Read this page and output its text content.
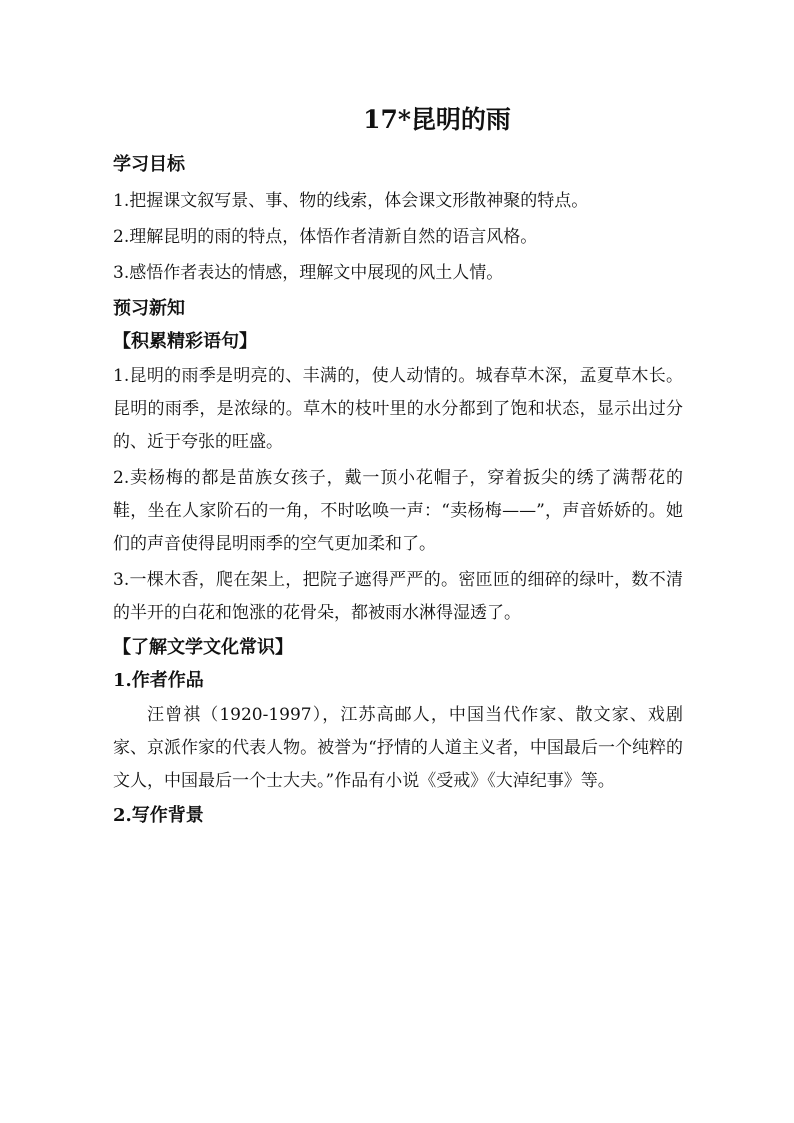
17*昆明的雨
学习目标

1.把握课文叙写景、事、物的线索，体会课文形散神聚的特点。

2.理解昆明的雨的特点，体悟作者清新自然的语言风格。

3.感悟作者表达的情感，理解文中展现的风土人情。

预习新知
【积累精彩语句】

1.昆明的雨季是明亮的、丰满的，使人动情的。城春草木深，孟夏草木长。昆明的雨季，是浓绿的。草木的枝叶里的水分都到了饱和状态，显示出过分的、近于夸张的旺盛。

2.卖杨梅的都是苗族女孩子，戴一顶小花帽子，穿着扳尖的绣了满帮花的鞋，坐在人家阶石的一角，不时吆唤一声：“卖杨梅——”，声音娇娇的。她们的声音使得昆明雨季的空气更加柔和了。

3.一棵木香，爬在架上，把院子遮得严严的。密匝匝的细碎的绿叶，数不清的半开的白花和饱涨的花骨朵，都被雨水淋得湿透了。

【了解文学文化常识】
1.作者作品

汪曾祺（1920-1997），江苏高邮人，中国当代作家、散文家、戏剧家、京派作家的代表人物。被誉为“抒情的人道主义者，中国最后一个纯粹的文人，中国最后一个士大夫。”作品有小说《受戒》《大淖纪事》等。

2.写作背景
